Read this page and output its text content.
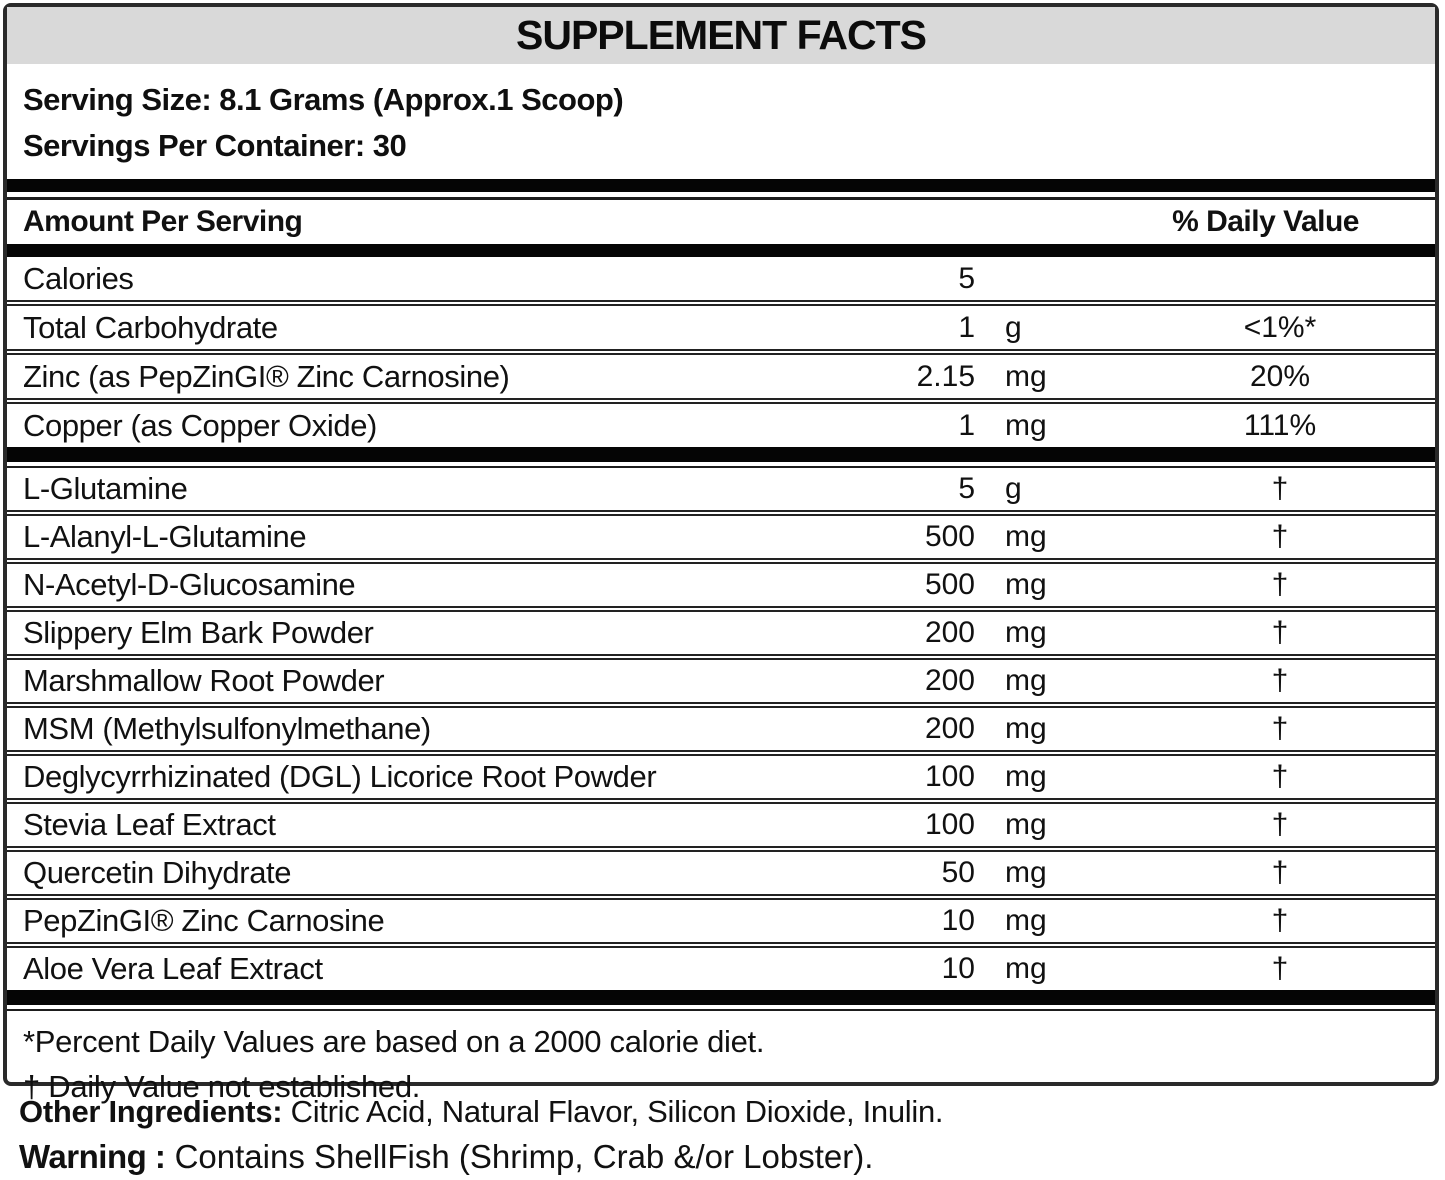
SUPPLEMENT FACTS
Serving Size: 8.1 Grams (Approx.1 Scoop)
Servings Per Container: 30
Amount Per Serving	% Daily Value
Calories	5
Total Carbohydrate	1	g	<1%*
Zinc (as PepZinGI® Zinc Carnosine)	2.15	mg	20%
Copper (as Copper Oxide)	1	mg	111%
L-Glutamine	5	g	†
L-Alanyl-L-Glutamine	500	mg	†
N-Acetyl-D-Glucosamine	500	mg	†
Slippery Elm Bark Powder	200	mg	†
Marshmallow Root Powder	200	mg	†
MSM (Methylsulfonylmethane)	200	mg	†
Deglycyrrhizinated (DGL) Licorice Root Powder	100	mg	†
Stevia Leaf Extract	100	mg	†
Quercetin Dihydrate	50	mg	†
PepZinGI® Zinc Carnosine	10	mg	†
Aloe Vera Leaf Extract	10	mg	†
*Percent Daily Values are based on a 2000 calorie diet.
† Daily Value not established.
Other Ingredients: Citric Acid, Natural Flavor, Silicon Dioxide, Inulin.
Warning : Contains ShellFish (Shrimp, Crab &/or Lobster).
